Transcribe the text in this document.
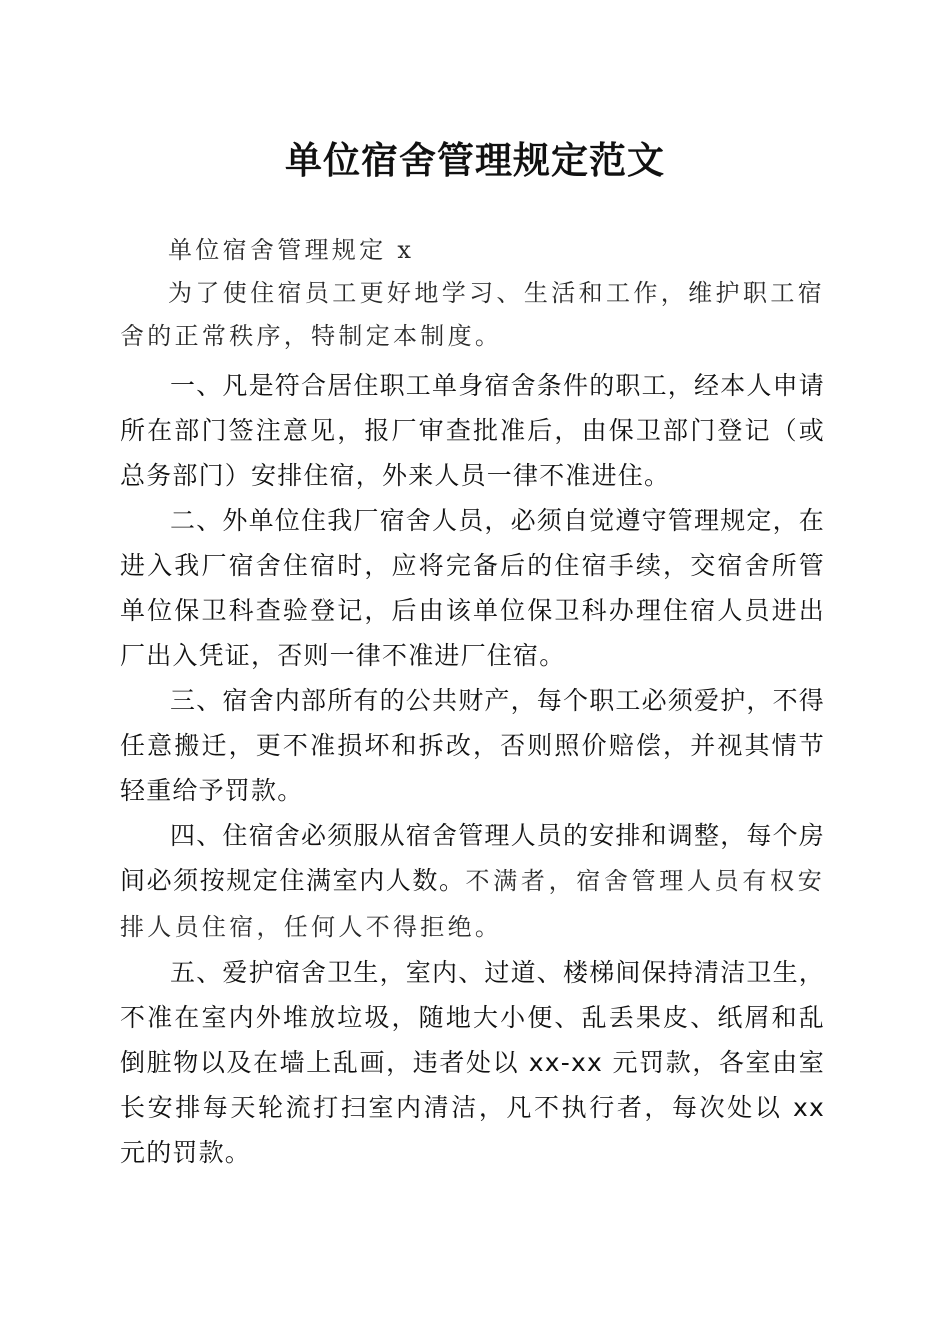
单位宿舍管理规定范文

单位宿舍管理规定 x

为了使住宿员工更好地学习、生活和工作，维护职工宿舍的正常秩序，特制定本制度。

一、凡是符合居住职工单身宿舍条件的职工，经本人申请所在部门签注意见，报厂审查批准后，由保卫部门登记（或总务部门）安排住宿，外来人员一律不准进住。

二、外单位住我厂宿舍人员，必须自觉遵守管理规定，在进入我厂宿舍住宿时，应将完备后的住宿手续，交宿舍所管单位保卫科查验登记，后由该单位保卫科办理住宿人员进出厂出入凭证，否则一律不准进厂住宿。

三、宿舍内部所有的公共财产，每个职工必须爱护，不得任意搬迁，更不准损坏和拆改，否则照价赔偿，并视其情节轻重给予罚款。

四、住宿舍必须服从宿舍管理人员的安排和调整，每个房间必须按规定住满室内人数。不满者，宿舍管理人员有权安排人员住宿，任何人不得拒绝。

五、爱护宿舍卫生，室内、过道、楼梯间保持清洁卫生，不准在室内外堆放垃圾，随地大小便、乱丢果皮、纸屑和乱倒脏物以及在墙上乱画，违者处以 xx-xx 元罚款，各室由室长安排每天轮流打扫室内清洁，凡不执行者，每次处以 xx 元的罚款。
